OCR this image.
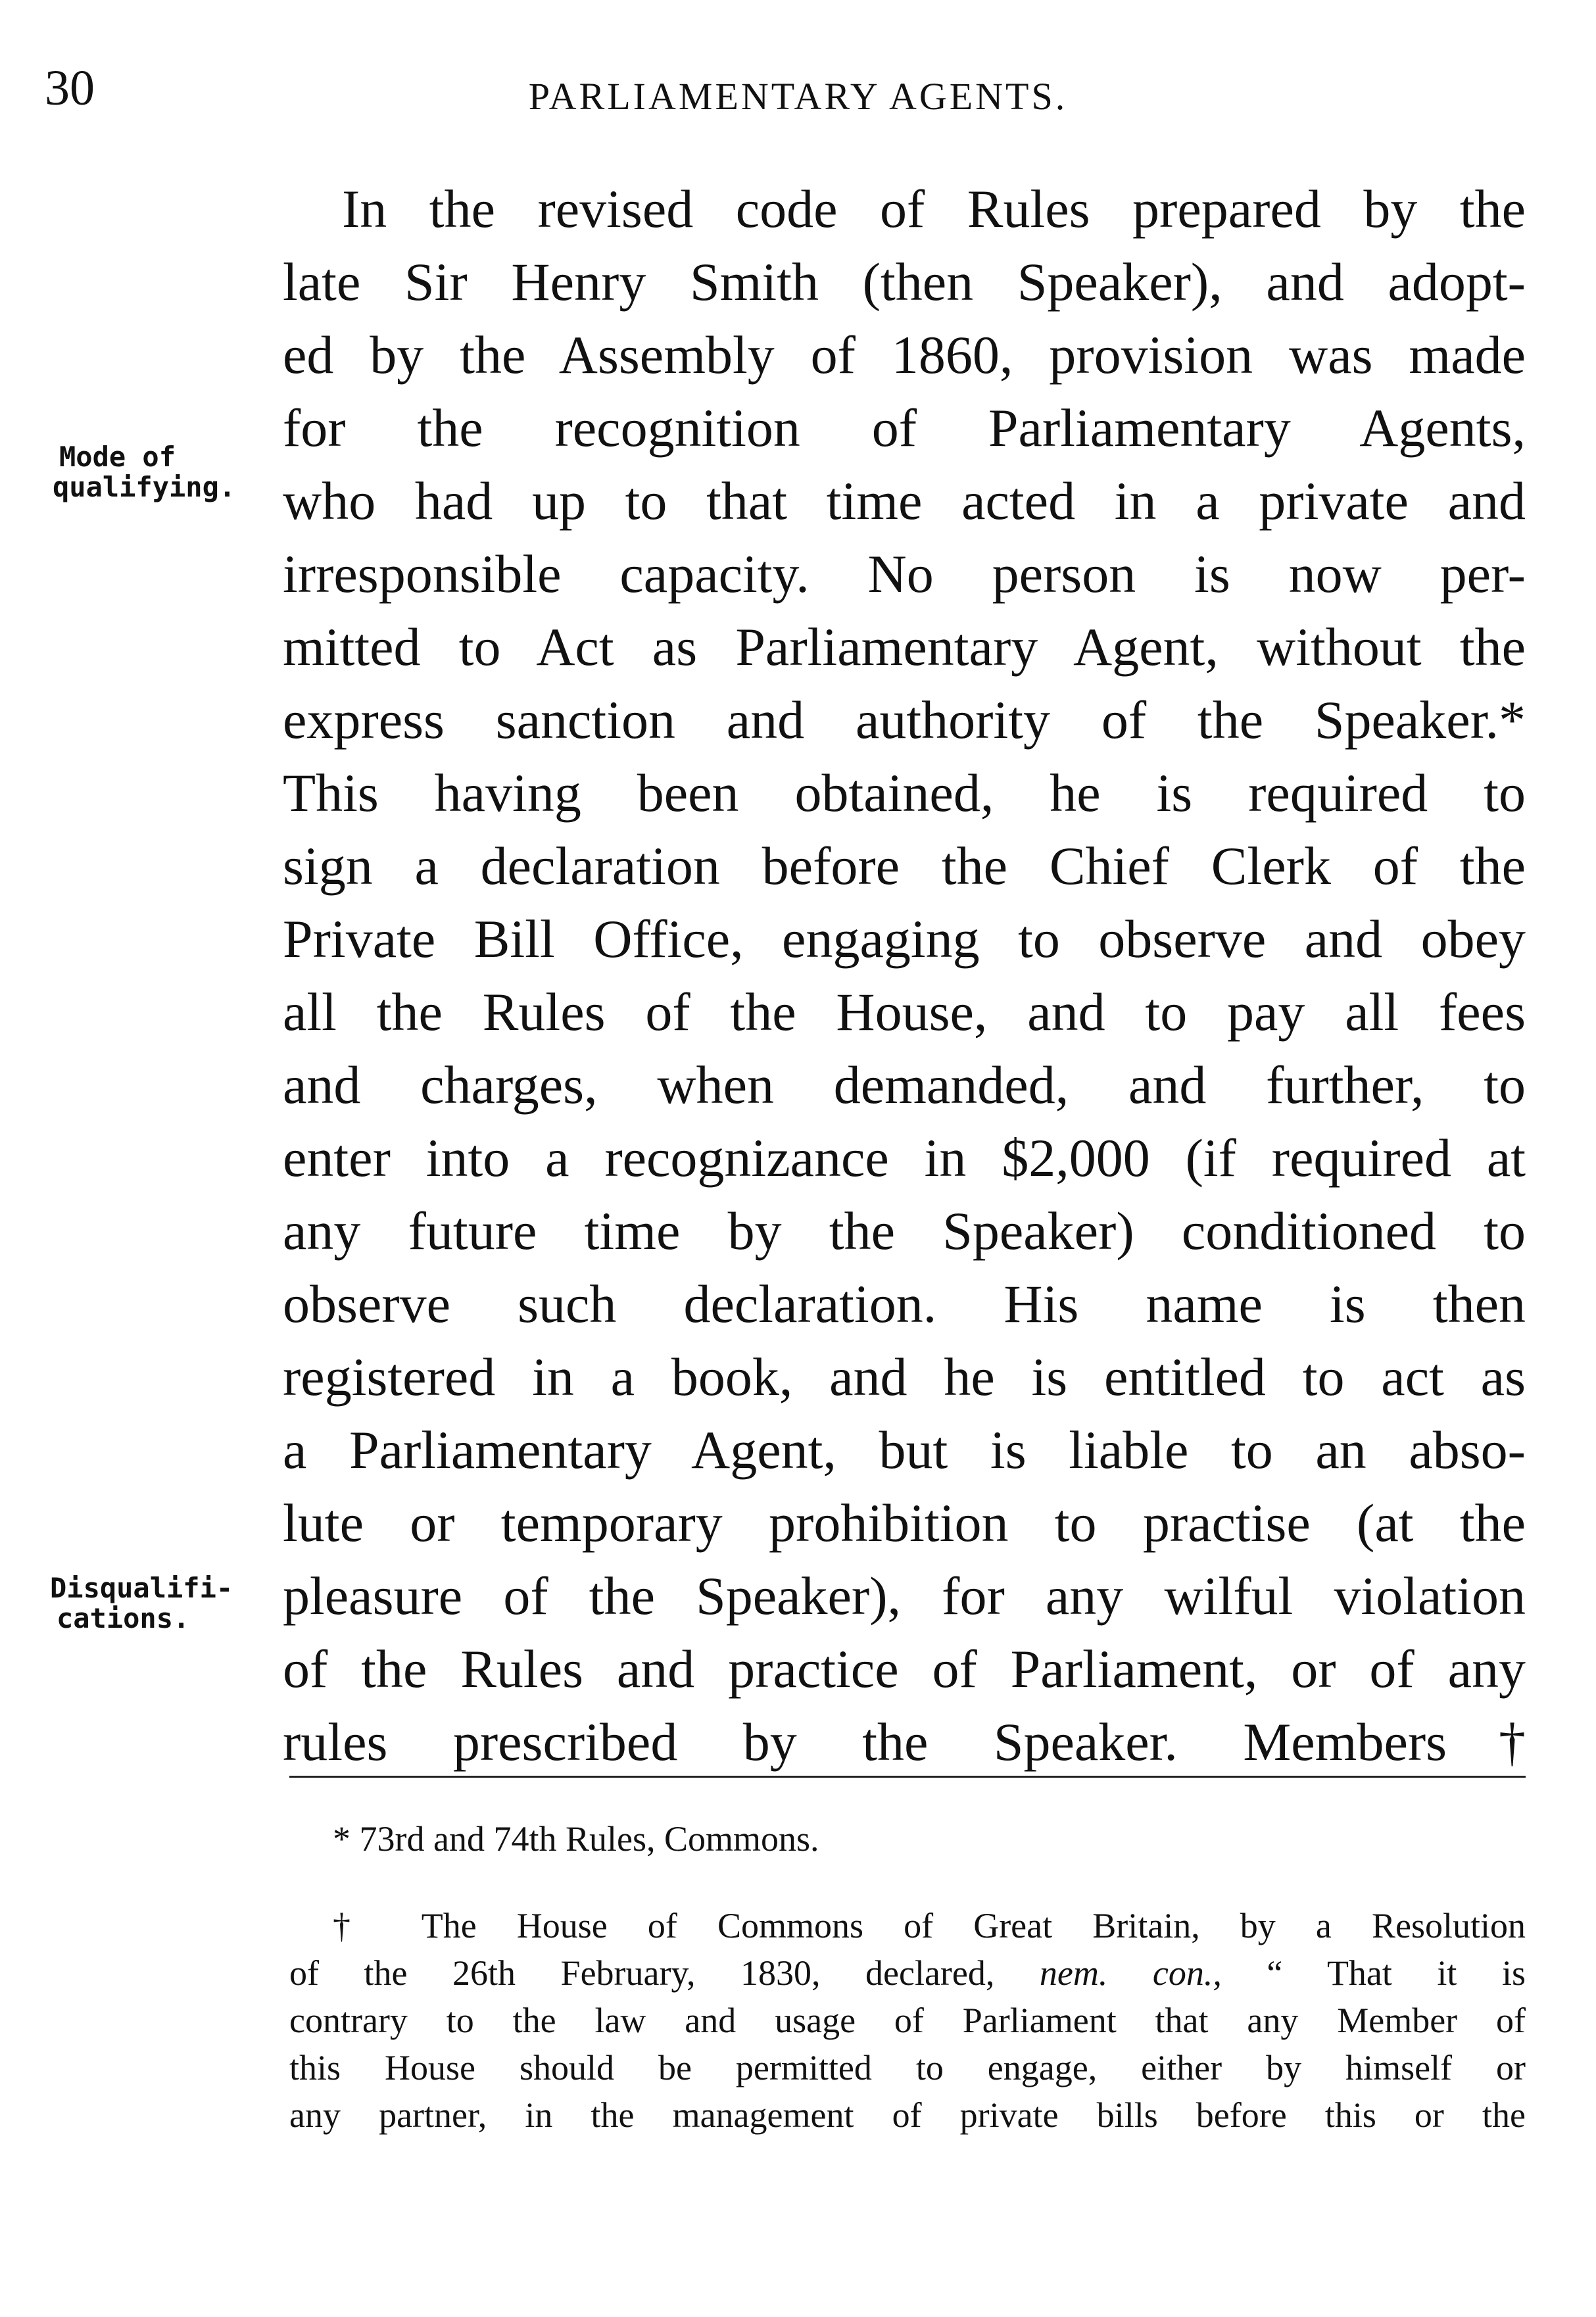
30	PARLIAMENTARY AGENTS.
Mode of
qualifying.
Disqualifi-
cations.
In the revised code of Rules prepared by the
late Sir Henry Smith (then Speaker), and adopt-
ed by the Assembly of 1860, provision was made
for the recognition of Parliamentary Agents,
who had up to that time acted in a private and
irresponsible capacity. No person is now per-
mitted to Act as Parliamentary Agent, without the
express sanction and authority of the Speaker.*
This having been obtained, he is required to
sign a declaration before the Chief Clerk of the
Private Bill Office, engaging to observe and obey
all the Rules of the House, and to pay all fees
and charges, when demanded, and further, to
enter into a recognizance in $2,000 (if required at
any future time by the Speaker) conditioned to
observe such declaration. His name is then
registered in a book, and he is entitled to act as
a Parliamentary Agent, but is liable to an abso-
lute or temporary prohibition to practise (at the
pleasure of the Speaker), for any wilful violation
of the Rules and practice of Parliament, or of any
rules prescribed by the Speaker. Members†
* 73rd and 74th Rules, Commons.
† The House of Commons of Great Britain, by a Resolution
of the 26th February, 1830, declared, nem. con., “ That it is
contrary to the law and usage of Parliament that any Member of
this House should be permitted to engage, either by himself or
any partner, in the management of private bills before this or the
